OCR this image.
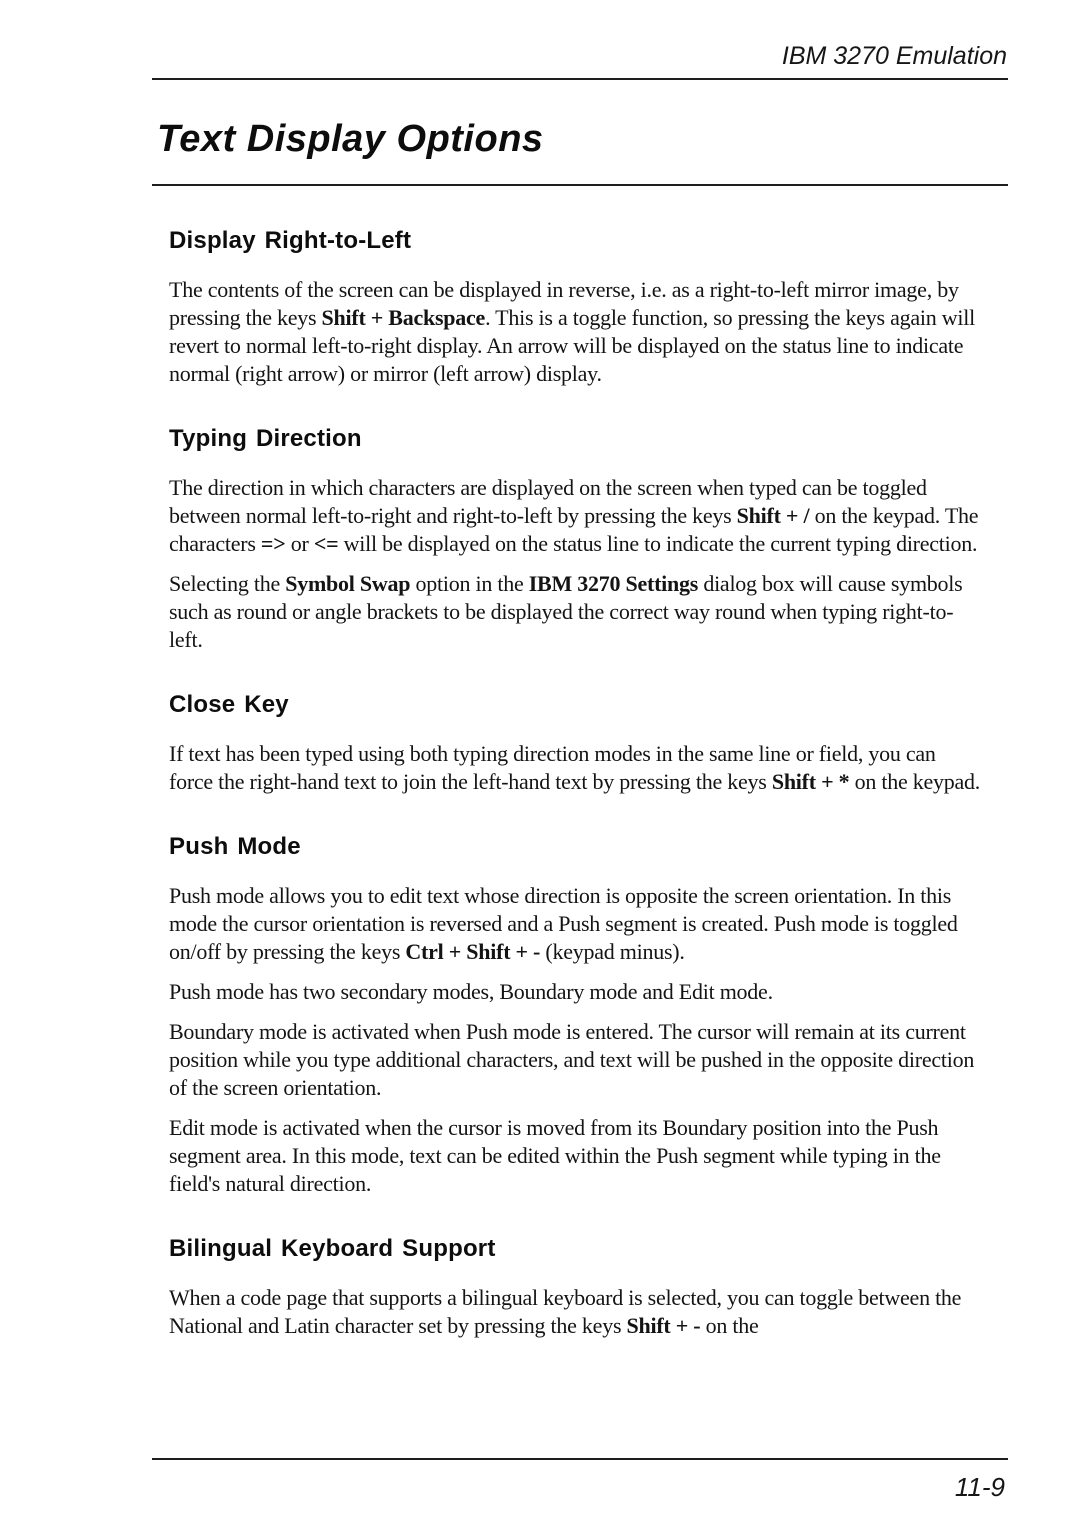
IBM 3270 Emulation
Text Display Options
Display Right-to-Left

The contents of the screen can be displayed in reverse, i.e. as a right-to-left mirror image, by pressing the keys Shift + Backspace. This is a toggle function, so pressing the keys again will revert to normal left-to-right display. An arrow will be displayed on the status line to indicate normal (right arrow) or mirror (left arrow) display.

Typing Direction

The direction in which characters are displayed on the screen when typed can be toggled between normal left-to-right and right-to-left by pressing the keys Shift + / on the keypad. The characters => or <= will be displayed on the status line to indicate the current typing direction.

Selecting the Symbol Swap option in the IBM 3270 Settings dialog box will cause symbols such as round or angle brackets to be displayed the correct way round when typing right-to-left.

Close Key

If text has been typed using both typing direction modes in the same line or field, you can force the right-hand text to join the left-hand text by pressing the keys Shift + * on the keypad.

Push Mode

Push mode allows you to edit text whose direction is opposite the screen orientation. In this mode the cursor orientation is reversed and a Push segment is created. Push mode is toggled on/off by pressing the keys Ctrl + Shift + - (keypad minus).

Push mode has two secondary modes, Boundary mode and Edit mode.

Boundary mode is activated when Push mode is entered. The cursor will remain at its current position while you type additional characters, and text will be pushed in the opposite direction of the screen orientation.

Edit mode is activated when the cursor is moved from its Boundary position into the Push segment area. In this mode, text can be edited within the Push segment while typing in the field's natural direction.

Bilingual Keyboard Support

When a code page that supports a bilingual keyboard is selected, you can toggle between the National and Latin character set by pressing the keys Shift + - on the

11-9
